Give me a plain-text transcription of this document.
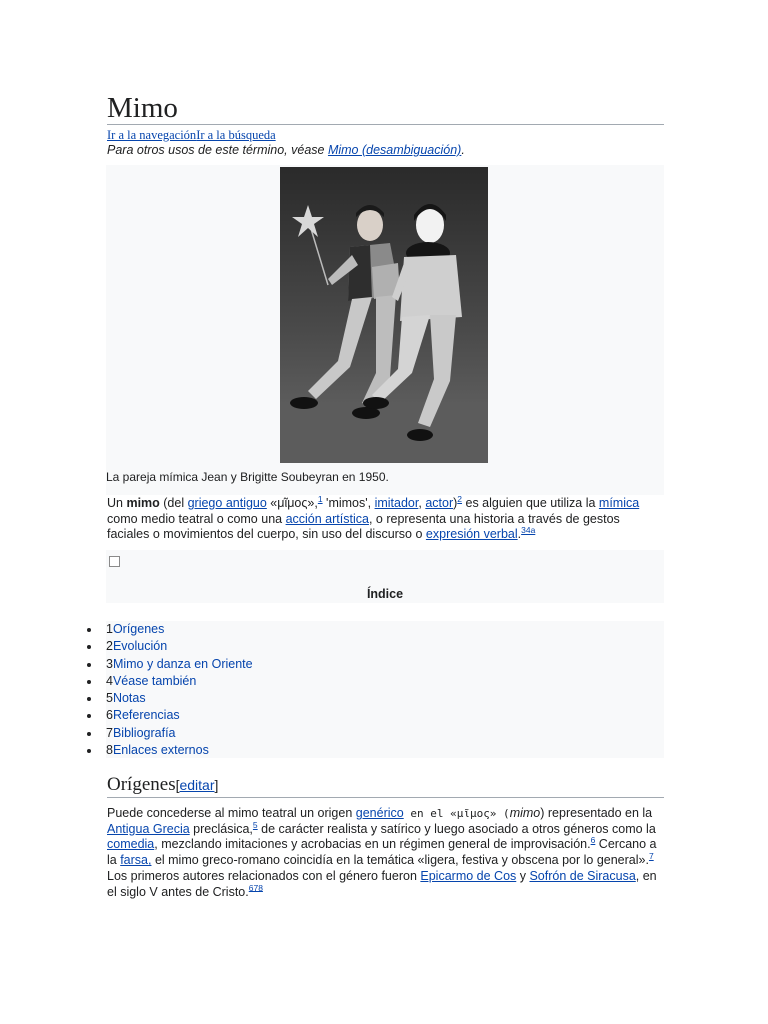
Mimo
Ir a la navegaciónIr a la búsqueda
Para otros usos de este término, véase Mimo (desambiguación).
La pareja mímica Jean y Brigitte Soubeyran en 1950.

Un mimo (del griego antiguo «μῖμος»,$^1$ 'mimos', imitador, actor)$^2$ es alguien que utiliza la mímica como medio teatral o como una acción artística, o representa una historia a través de gestos faciales o movimientos del cuerpo, sin uso del discurso o expresión verbal.$^{34a}$

Índice
1Orígenes
2Evolución
3Mimo y danza en Oriente
4Véase también
5Notas
6Referencias
7Bibliografía
8Enlaces externos
Orígenes[editar]

Puede concederse al mimo teatral un origen genérico en el «μῖμος» (mimo) representado en la Antigua Grecia preclásica,$^5$ de carácter realista y satírico y luego asociado a otros géneros como la comedia, mezclando imitaciones y acrobacias en un régimen general de improvisación.$^6$ Cercano a la farsa, el mimo greco-romano coincidía en la temática «ligera, festiva y obscena por lo general».$^7$ Los primeros autores relacionados con el género fueron Epicarmo de Cos y Sofrón de Siracusa, en el siglo V antes de Cristo.$^{678}$
